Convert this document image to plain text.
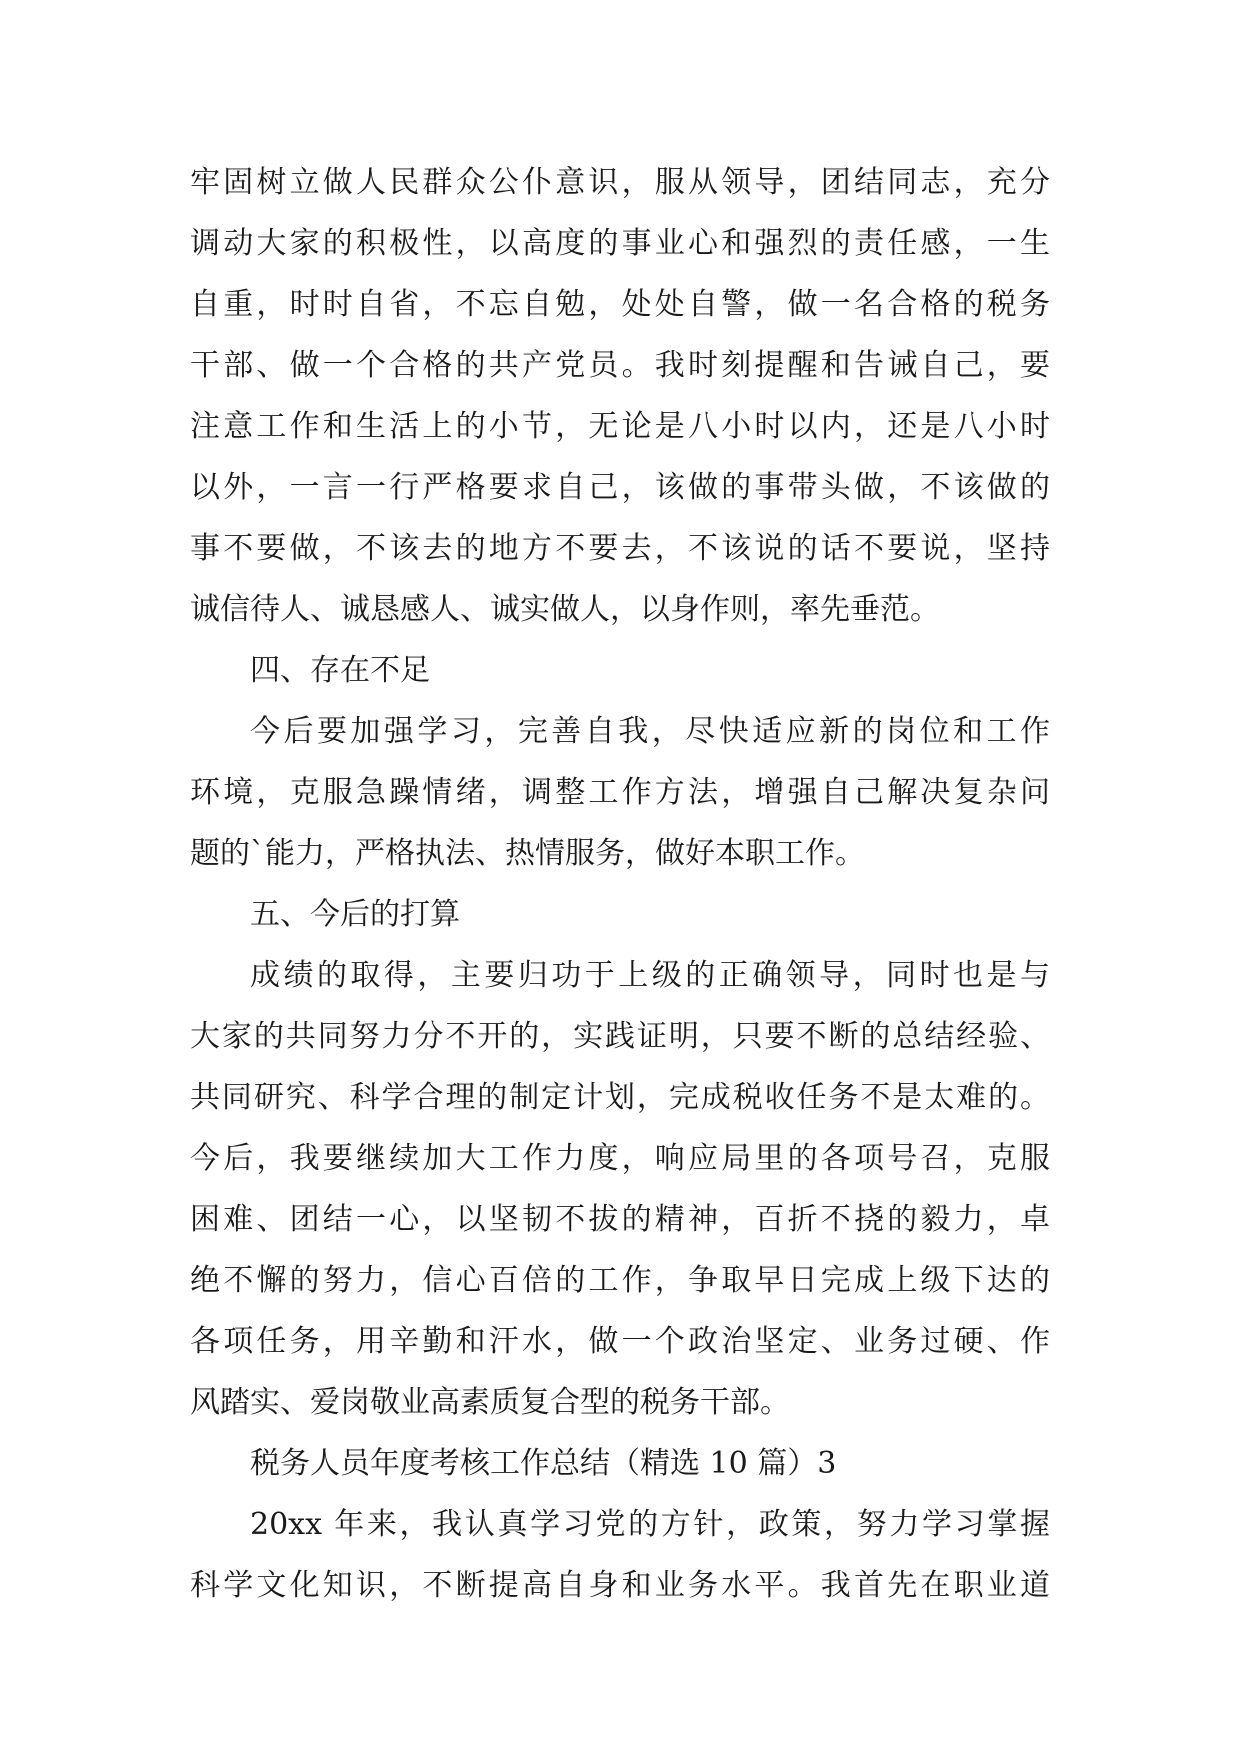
牢固树立做人民群众公仆意识，服从领导，团结同志，充分
调动大家的积极性，以高度的事业心和强烈的责任感，一生
自重，时时自省，不忘自勉，处处自警，做一名合格的税务
干部、做一个合格的共产党员。我时刻提醒和告诫自己，要
注意工作和生活上的小节，无论是八小时以内，还是八小时
以外，一言一行严格要求自己，该做的事带头做，不该做的
事不要做，不该去的地方不要去，不该说的话不要说，坚持
诚信待人、诚恳感人、诚实做人，以身作则，率先垂范。
四、存在不足
今后要加强学习，完善自我，尽快适应新的岗位和工作
环境，克服急躁情绪，调整工作方法，增强自己解决复杂问
题的`能力，严格执法、热情服务，做好本职工作。
五、今后的打算
成绩的取得，主要归功于上级的正确领导，同时也是与
大家的共同努力分不开的，实践证明，只要不断的总结经验、
共同研究、科学合理的制定计划，完成税收任务不是太难的。
今后，我要继续加大工作力度，响应局里的各项号召，克服
困难、团结一心，以坚韧不拔的精神，百折不挠的毅力，卓
绝不懈的努力，信心百倍的工作，争取早日完成上级下达的
各项任务，用辛勤和汗水，做一个政治坚定、业务过硬、作
风踏实、爱岗敬业高素质复合型的税务干部。
税务人员年度考核工作总结（精选 10 篇）3
20xx 年来，我认真学习党的方针，政策，努力学习掌握
科学文化知识，不断提高自身和业务水平。我首先在职业道
